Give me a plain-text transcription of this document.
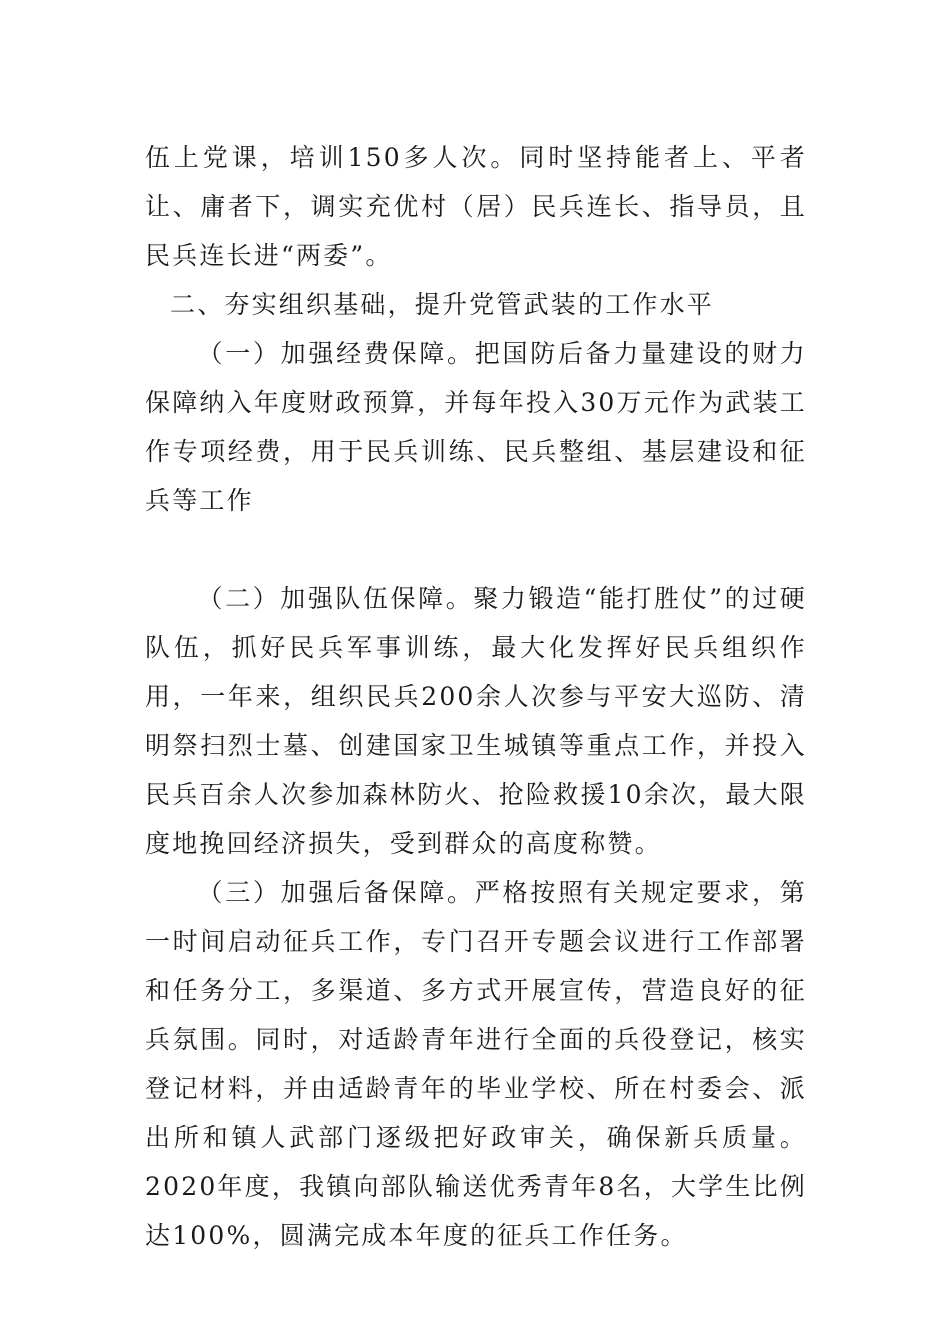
伍上党课，培训150多人次。同时坚持能者上、平者让、庸者下，调实充优村（居）民兵连长、指导员，且民兵连长进“两委”。

二、夯实组织基础，提升党管武装的工作水平

（一）加强经费保障。把国防后备力量建设的财力保障纳入年度财政预算，并每年投入30万元作为武装工作专项经费，用于民兵训练、民兵整组、基层建设和征兵等工作

（二）加强队伍保障。聚力锻造“能打胜仗”的过硬队伍，抓好民兵军事训练，最大化发挥好民兵组织作用，一年来，组织民兵200余人次参与平安大巡防、清明祭扫烈士墓、创建国家卫生城镇等重点工作，并投入民兵百余人次参加森林防火、抢险救援10余次，最大限度地挽回经济损失，受到群众的高度称赞。

（三）加强后备保障。严格按照有关规定要求，第一时间启动征兵工作，专门召开专题会议进行工作部署和任务分工，多渠道、多方式开展宣传，营造良好的征兵氛围。同时，对适龄青年进行全面的兵役登记，核实登记材料，并由适龄青年的毕业学校、所在村委会、派出所和镇人武部门逐级把好政审关，确保新兵质量。2020年度，我镇向部队输送优秀青年8名，大学生比例达100%，圆满完成本年度的征兵工作任务。
